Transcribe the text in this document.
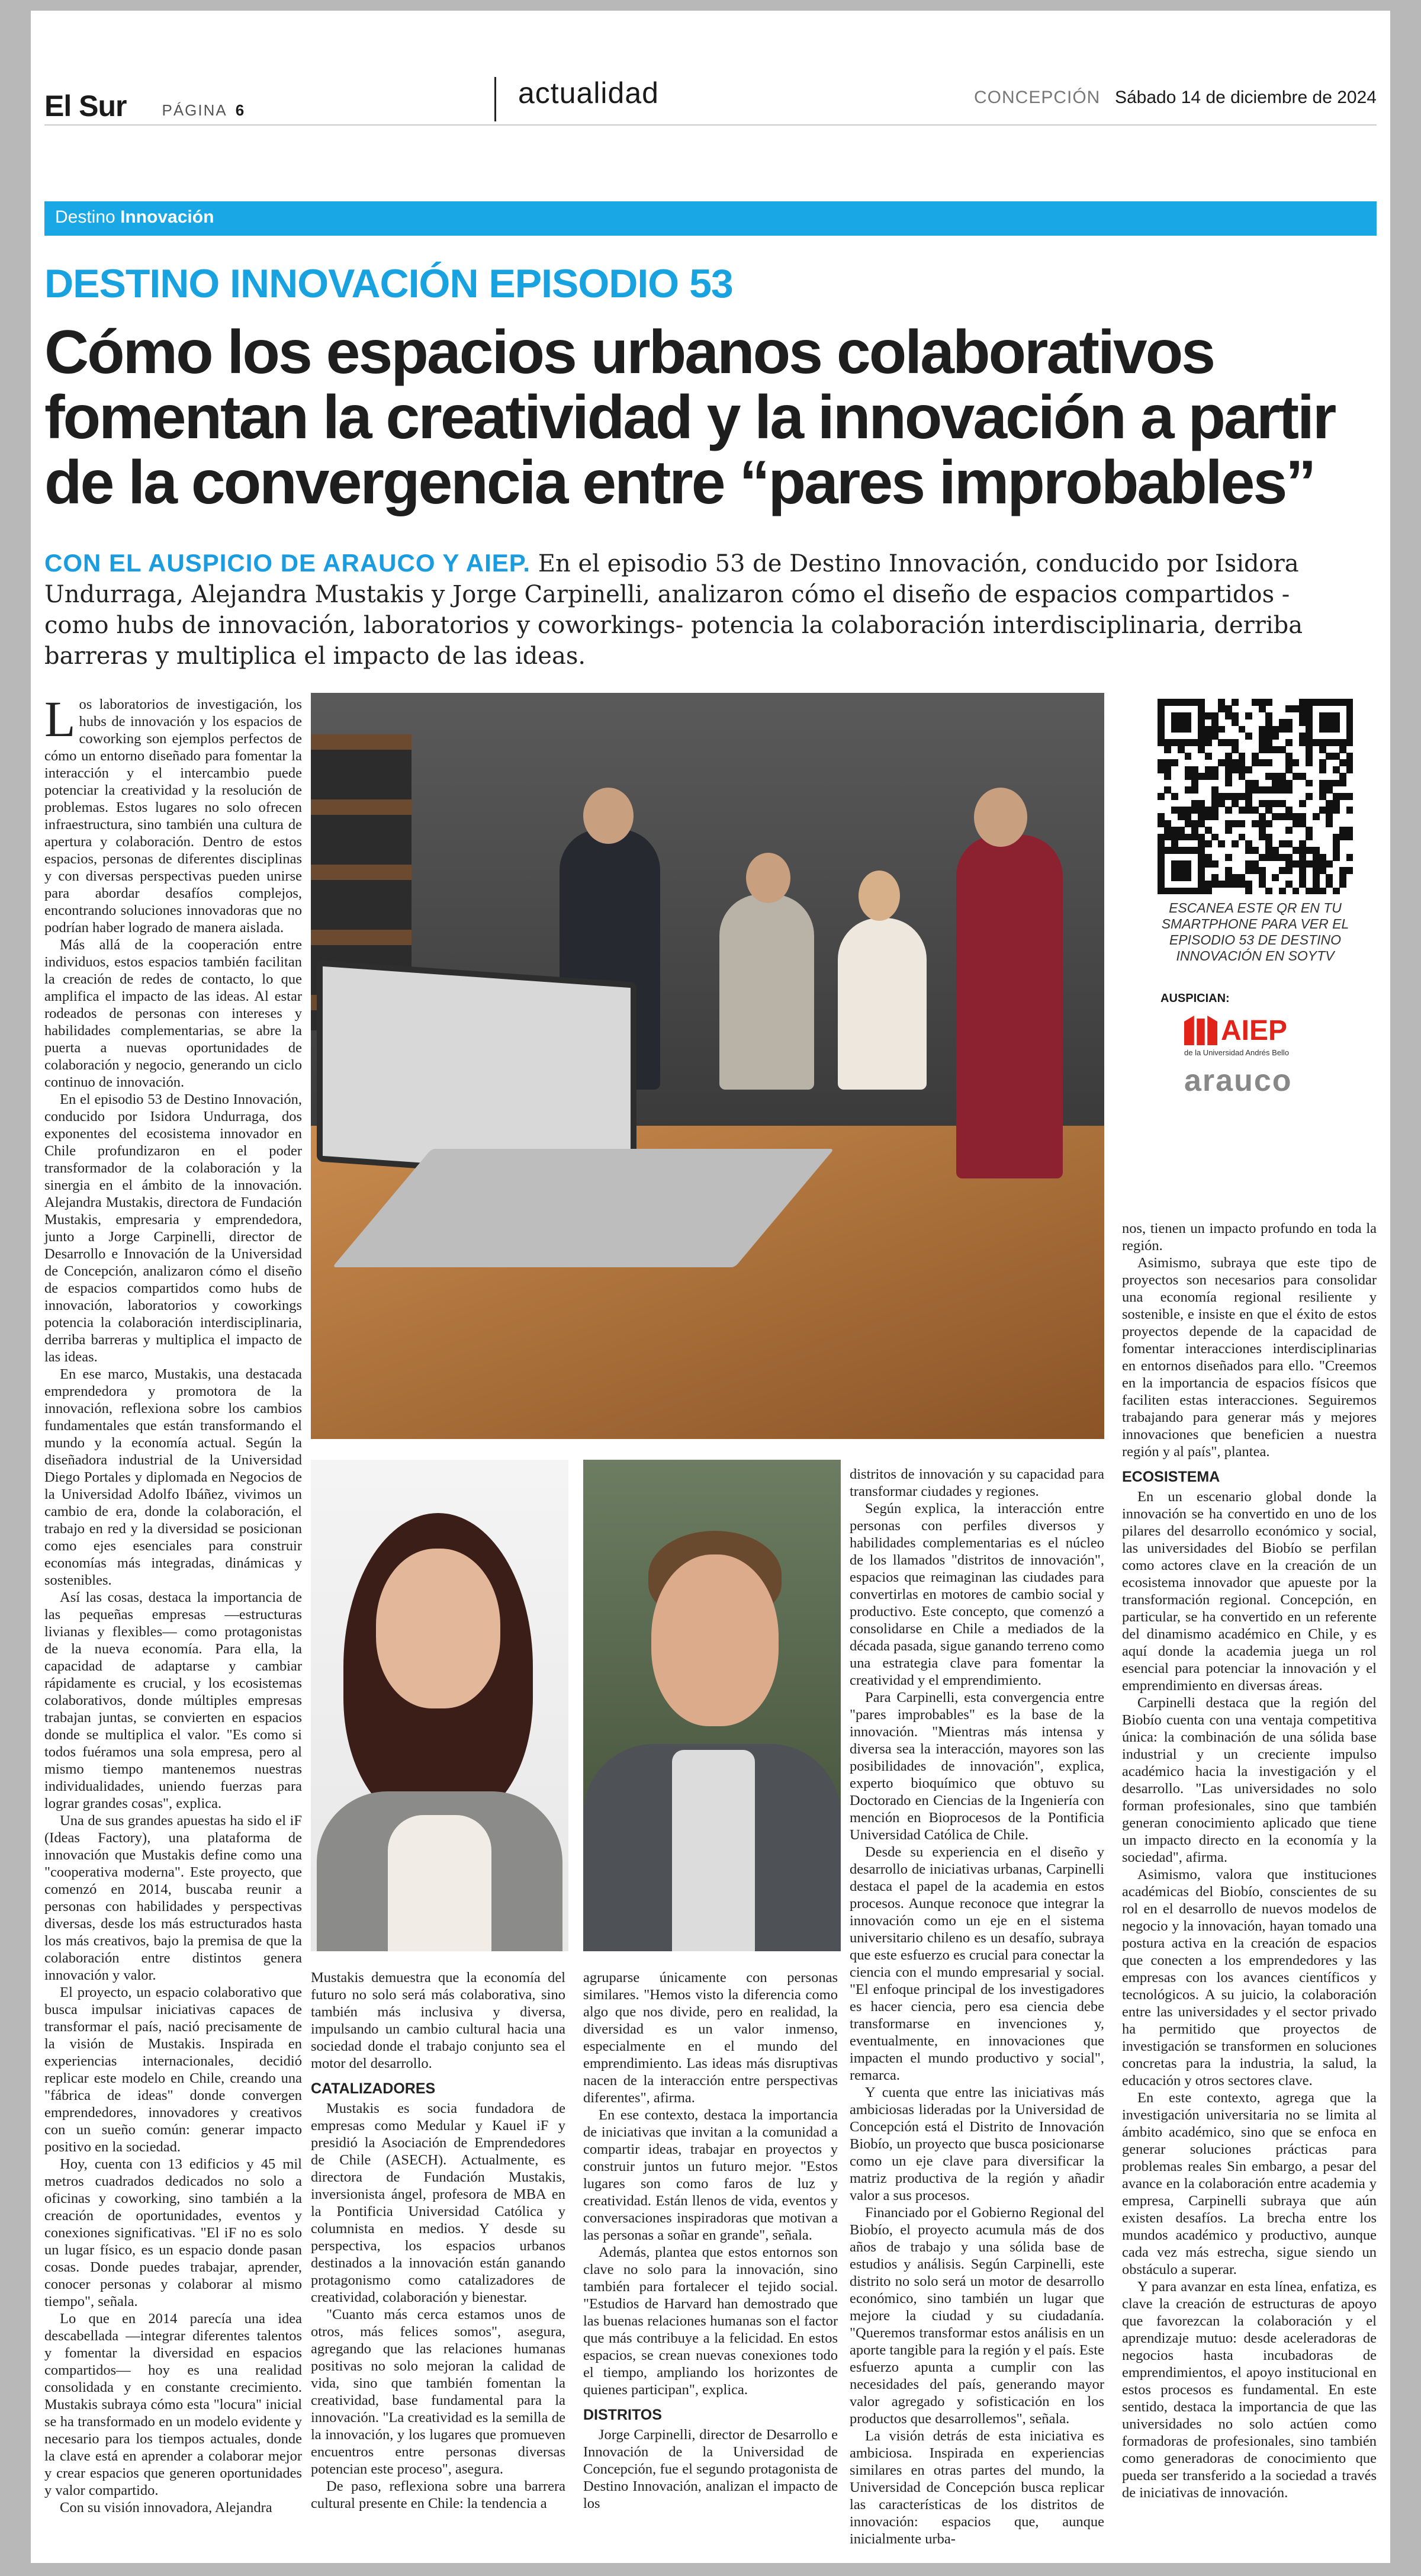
El Sur PÁGINA 6
actualidad	CONCEPCIÓN Sábado 14 de diciembre de 2024
Destino Innovación
DESTINO INNOVACIÓN EPISODIO 53
Cómo los espacios urbanos colaborativos fomentan la creatividad y la innovación a partir de la convergencia entre “pares improbables”
CON EL AUSPICIO DE ARAUCO Y AIEP. En el episodio 53 de Destino Innovación, conducido por Isidora Undurraga, Alejandra Mustakis y Jorge Carpinelli, analizaron cómo el diseño de espacios compartidos -como hubs de innovación, laboratorios y coworkings- potencia la colaboración interdisciplinaria, derriba barreras y multiplica el impacto de las ideas.
ESCANEA ESTE QR EN TU SMARTPHONE PARA VER EL EPISODIO 53 DE DESTINO INNOVACIÓN EN SOYTV
AUSPICIAN:
AIEP
de la Universidad Andrés Bello
arauco

Los laboratorios de investigación, los hubs de innovación y los espacios de coworking son ejemplos perfectos de cómo un entorno diseñado para fomentar la interacción y el intercambio puede potenciar la creatividad y la resolución de problemas. Estos lugares no solo ofrecen infraestructura, sino también una cultura de apertura y colaboración. Dentro de estos espacios, personas de diferentes disciplinas y con diversas perspectivas pueden unirse para abordar desafíos complejos, encontrando soluciones innovadoras que no podrían haber logrado de manera aislada.

Más allá de la cooperación entre individuos, estos espacios también facilitan la creación de redes de contacto, lo que amplifica el impacto de las ideas. Al estar rodeados de personas con intereses y habilidades complementarias, se abre la puerta a nuevas oportunidades de colaboración y negocio, generando un ciclo continuo de innovación.

En el episodio 53 de Destino Innovación, conducido por Isidora Undurraga, dos exponentes del ecosistema innovador en Chile profundizaron en el poder transformador de la colaboración y la sinergia en el ámbito de la innovación. Alejandra Mustakis, directora de Fundación Mustakis, empresaria y emprendedora, junto a Jorge Carpinelli, director de Desarrollo e Innovación de la Universidad de Concepción, analizaron cómo el diseño de espacios compartidos como hubs de innovación, laboratorios y coworkings potencia la colaboración interdisciplinaria, derriba barreras y multiplica el impacto de las ideas.

En ese marco, Mustakis, una destacada emprendedora y promotora de la innovación, reflexiona sobre los cambios fundamentales que están transformando el mundo y la economía actual. Según la diseñadora industrial de la Universidad Diego Portales y diplomada en Negocios de la Universidad Adolfo Ibáñez, vivimos un cambio de era, donde la colaboración, el trabajo en red y la diversidad se posicionan como ejes esenciales para construir economías más integradas, dinámicas y sostenibles.

Así las cosas, destaca la importancia de las pequeñas empresas —estructuras livianas y flexibles— como protagonistas de la nueva economía. Para ella, la capacidad de adaptarse y cambiar rápidamente es crucial, y los ecosistemas colaborativos, donde múltiples empresas trabajan juntas, se convierten en espacios donde se multiplica el valor. "Es como si todos fuéramos una sola empresa, pero al mismo tiempo mantenemos nuestras individualidades, uniendo fuerzas para lograr grandes cosas", explica.

Una de sus grandes apuestas ha sido el iF (Ideas Factory), una plataforma de innovación que Mustakis define como una "cooperativa moderna". Este proyecto, que comenzó en 2014, buscaba reunir a personas con habilidades y perspectivas diversas, desde los más estructurados hasta los más creativos, bajo la premisa de que la colaboración entre distintos genera innovación y valor.

El proyecto, un espacio colaborativo que busca impulsar iniciativas capaces de transformar el país, nació precisamente de la visión de Mustakis. Inspirada en experiencias internacionales, decidió replicar este modelo en Chile, creando una "fábrica de ideas" donde convergen emprendedores, innovadores y creativos con un sueño común: generar impacto positivo en la sociedad.

Hoy, cuenta con 13 edificios y 45 mil metros cuadrados dedicados no solo a oficinas y coworking, sino también a la creación de oportunidades, eventos y conexiones significativas. "El iF no es solo un lugar físico, es un espacio donde pasan cosas. Donde puedes trabajar, aprender, conocer personas y colaborar al mismo tiempo", señala.

Lo que en 2014 parecía una idea descabellada —integrar diferentes talentos y fomentar la diversidad en espacios compartidos— hoy es una realidad consolidada y en constante crecimiento. Mustakis subraya cómo esta "locura" inicial se ha transformado en un modelo evidente y necesario para los tiempos actuales, donde la clave está en aprender a colaborar mejor y crear espacios que generen oportunidades y valor compartido.

Con su visión innovadora, Alejandra

Mustakis demuestra que la economía del futuro no solo será más colaborativa, sino también más inclusiva y diversa, impulsando un cambio cultural hacia una sociedad donde el trabajo conjunto sea el motor del desarrollo.

CATALIZADORES

Mustakis es socia fundadora de empresas como Medular y Kauel iF y presidió la Asociación de Emprendedores de Chile (ASECH). Actualmente, es directora de Fundación Mustakis, inversionista ángel, profesora de MBA en la Pontificia Universidad Católica y columnista en medios. Y desde su perspectiva, los espacios urbanos destinados a la innovación están ganando protagonismo como catalizadores de creatividad, colaboración y bienestar.

"Cuanto más cerca estamos unos de otros, más felices somos", asegura, agregando que las relaciones humanas positivas no solo mejoran la calidad de vida, sino que también fomentan la creatividad, base fundamental para la innovación. "La creatividad es la semilla de la innovación, y los lugares que promueven encuentros entre personas diversas potencian este proceso", asegura.

De paso, reflexiona sobre una barrera cultural presente en Chile: la tendencia a

agruparse únicamente con personas similares. "Hemos visto la diferencia como algo que nos divide, pero en realidad, la diversidad es un valor inmenso, especialmente en el mundo del emprendimiento. Las ideas más disruptivas nacen de la interacción entre perspectivas diferentes", afirma.

En ese contexto, destaca la importancia de iniciativas que invitan a la comunidad a compartir ideas, trabajar en proyectos y construir juntos un futuro mejor. "Estos lugares son como faros de luz y creatividad. Están llenos de vida, eventos y conversaciones inspiradoras que motivan a las personas a soñar en grande", señala.

Además, plantea que estos entornos son clave no solo para la innovación, sino también para fortalecer el tejido social. "Estudios de Harvard han demostrado que las buenas relaciones humanas son el factor que más contribuye a la felicidad. En estos espacios, se crean nuevas conexiones todo el tiempo, ampliando los horizontes de quienes participan", explica.

DISTRITOS

Jorge Carpinelli, director de Desarrollo e Innovación de la Universidad de Concepción, fue el segundo protagonista de Destino Innovación, analizan el impacto de los

distritos de innovación y su capacidad para transformar ciudades y regiones.

Según explica, la interacción entre personas con perfiles diversos y habilidades complementarias es el núcleo de los llamados "distritos de innovación", espacios que reimaginan las ciudades para convertirlas en motores de cambio social y productivo. Este concepto, que comenzó a consolidarse en Chile a mediados de la década pasada, sigue ganando terreno como una estrategia clave para fomentar la creatividad y el emprendimiento.

Para Carpinelli, esta convergencia entre "pares improbables" es la base de la innovación. "Mientras más intensa y diversa sea la interacción, mayores son las posibilidades de innovación", explica, experto bioquímico que obtuvo su Doctorado en Ciencias de la Ingeniería con mención en Bioprocesos de la Pontificia Universidad Católica de Chile.

Desde su experiencia en el diseño y desarrollo de iniciativas urbanas, Carpinelli destaca el papel de la academia en estos procesos. Aunque reconoce que integrar la innovación como un eje en el sistema universitario chileno es un desafío, subraya que este esfuerzo es crucial para conectar la ciencia con el mundo empresarial y social. "El enfoque principal de los investigadores es hacer ciencia, pero esa ciencia debe transformarse en invenciones y, eventualmente, en innovaciones que impacten el mundo productivo y social", remarca.

Y cuenta que entre las iniciativas más ambiciosas lideradas por la Universidad de Concepción está el Distrito de Innovación Biobío, un proyecto que busca posicionarse como un eje clave para diversificar la matriz productiva de la región y añadir valor a sus procesos.

Financiado por el Gobierno Regional del Biobío, el proyecto acumula más de dos años de trabajo y una sólida base de estudios y análisis. Según Carpinelli, este distrito no solo será un motor de desarrollo económico, sino también un lugar que mejore la ciudad y su ciudadanía. "Queremos transformar estos análisis en un aporte tangible para la región y el país. Este esfuerzo apunta a cumplir con las necesidades del país, generando mayor valor agregado y sofisticación en los productos que desarrollemos", señala.

La visión detrás de esta iniciativa es ambiciosa. Inspirada en experiencias similares en otras partes del mundo, la Universidad de Concepción busca replicar las características de los distritos de innovación: espacios que, aunque inicialmente urba-

nos, tienen un impacto profundo en toda la región.

Asimismo, subraya que este tipo de proyectos son necesarios para consolidar una economía regional resiliente y sostenible, e insiste en que el éxito de estos proyectos depende de la capacidad de fomentar interacciones interdisciplinarias en entornos diseñados para ello. "Creemos en la importancia de espacios físicos que faciliten estas interacciones. Seguiremos trabajando para generar más y mejores innovaciones que beneficien a nuestra región y al país", plantea.

ECOSISTEMA

En un escenario global donde la innovación se ha convertido en uno de los pilares del desarrollo económico y social, las universidades del Biobío se perfilan como actores clave en la creación de un ecosistema innovador que apueste por la transformación regional. Concepción, en particular, se ha convertido en un referente del dinamismo académico en Chile, y es aquí donde la academia juega un rol esencial para potenciar la innovación y el emprendimiento en diversas áreas.

Carpinelli destaca que la región del Biobío cuenta con una ventaja competitiva única: la combinación de una sólida base industrial y un creciente impulso académico hacia la investigación y el desarrollo. "Las universidades no solo forman profesionales, sino que también generan conocimiento aplicado que tiene un impacto directo en la economía y la sociedad", afirma.

Asimismo, valora que instituciones académicas del Biobío, conscientes de su rol en el desarrollo de nuevos modelos de negocio y la innovación, hayan tomado una postura activa en la creación de espacios que conecten a los emprendedores y las empresas con los avances científicos y tecnológicos. A su juicio, la colaboración entre las universidades y el sector privado ha permitido que proyectos de investigación se transformen en soluciones concretas para la industria, la salud, la educación y otros sectores clave.

En este contexto, agrega que la investigación universitaria no se limita al ámbito académico, sino que se enfoca en generar soluciones prácticas para problemas reales Sin embargo, a pesar del avance en la colaboración entre academia y empresa, Carpinelli subraya que aún existen desafíos. La brecha entre los mundos académico y productivo, aunque cada vez más estrecha, sigue siendo un obstáculo a superar.

Y para avanzar en esta línea, enfatiza, es clave la creación de estructuras de apoyo que favorezcan la colaboración y el aprendizaje mutuo: desde aceleradoras de negocios hasta incubadoras de emprendimientos, el apoyo institucional en estos procesos es fundamental. En este sentido, destaca la importancia de que las universidades no solo actúen como formadoras de profesionales, sino también como generadoras de conocimiento que pueda ser transferido a la sociedad a través de iniciativas de innovación.
